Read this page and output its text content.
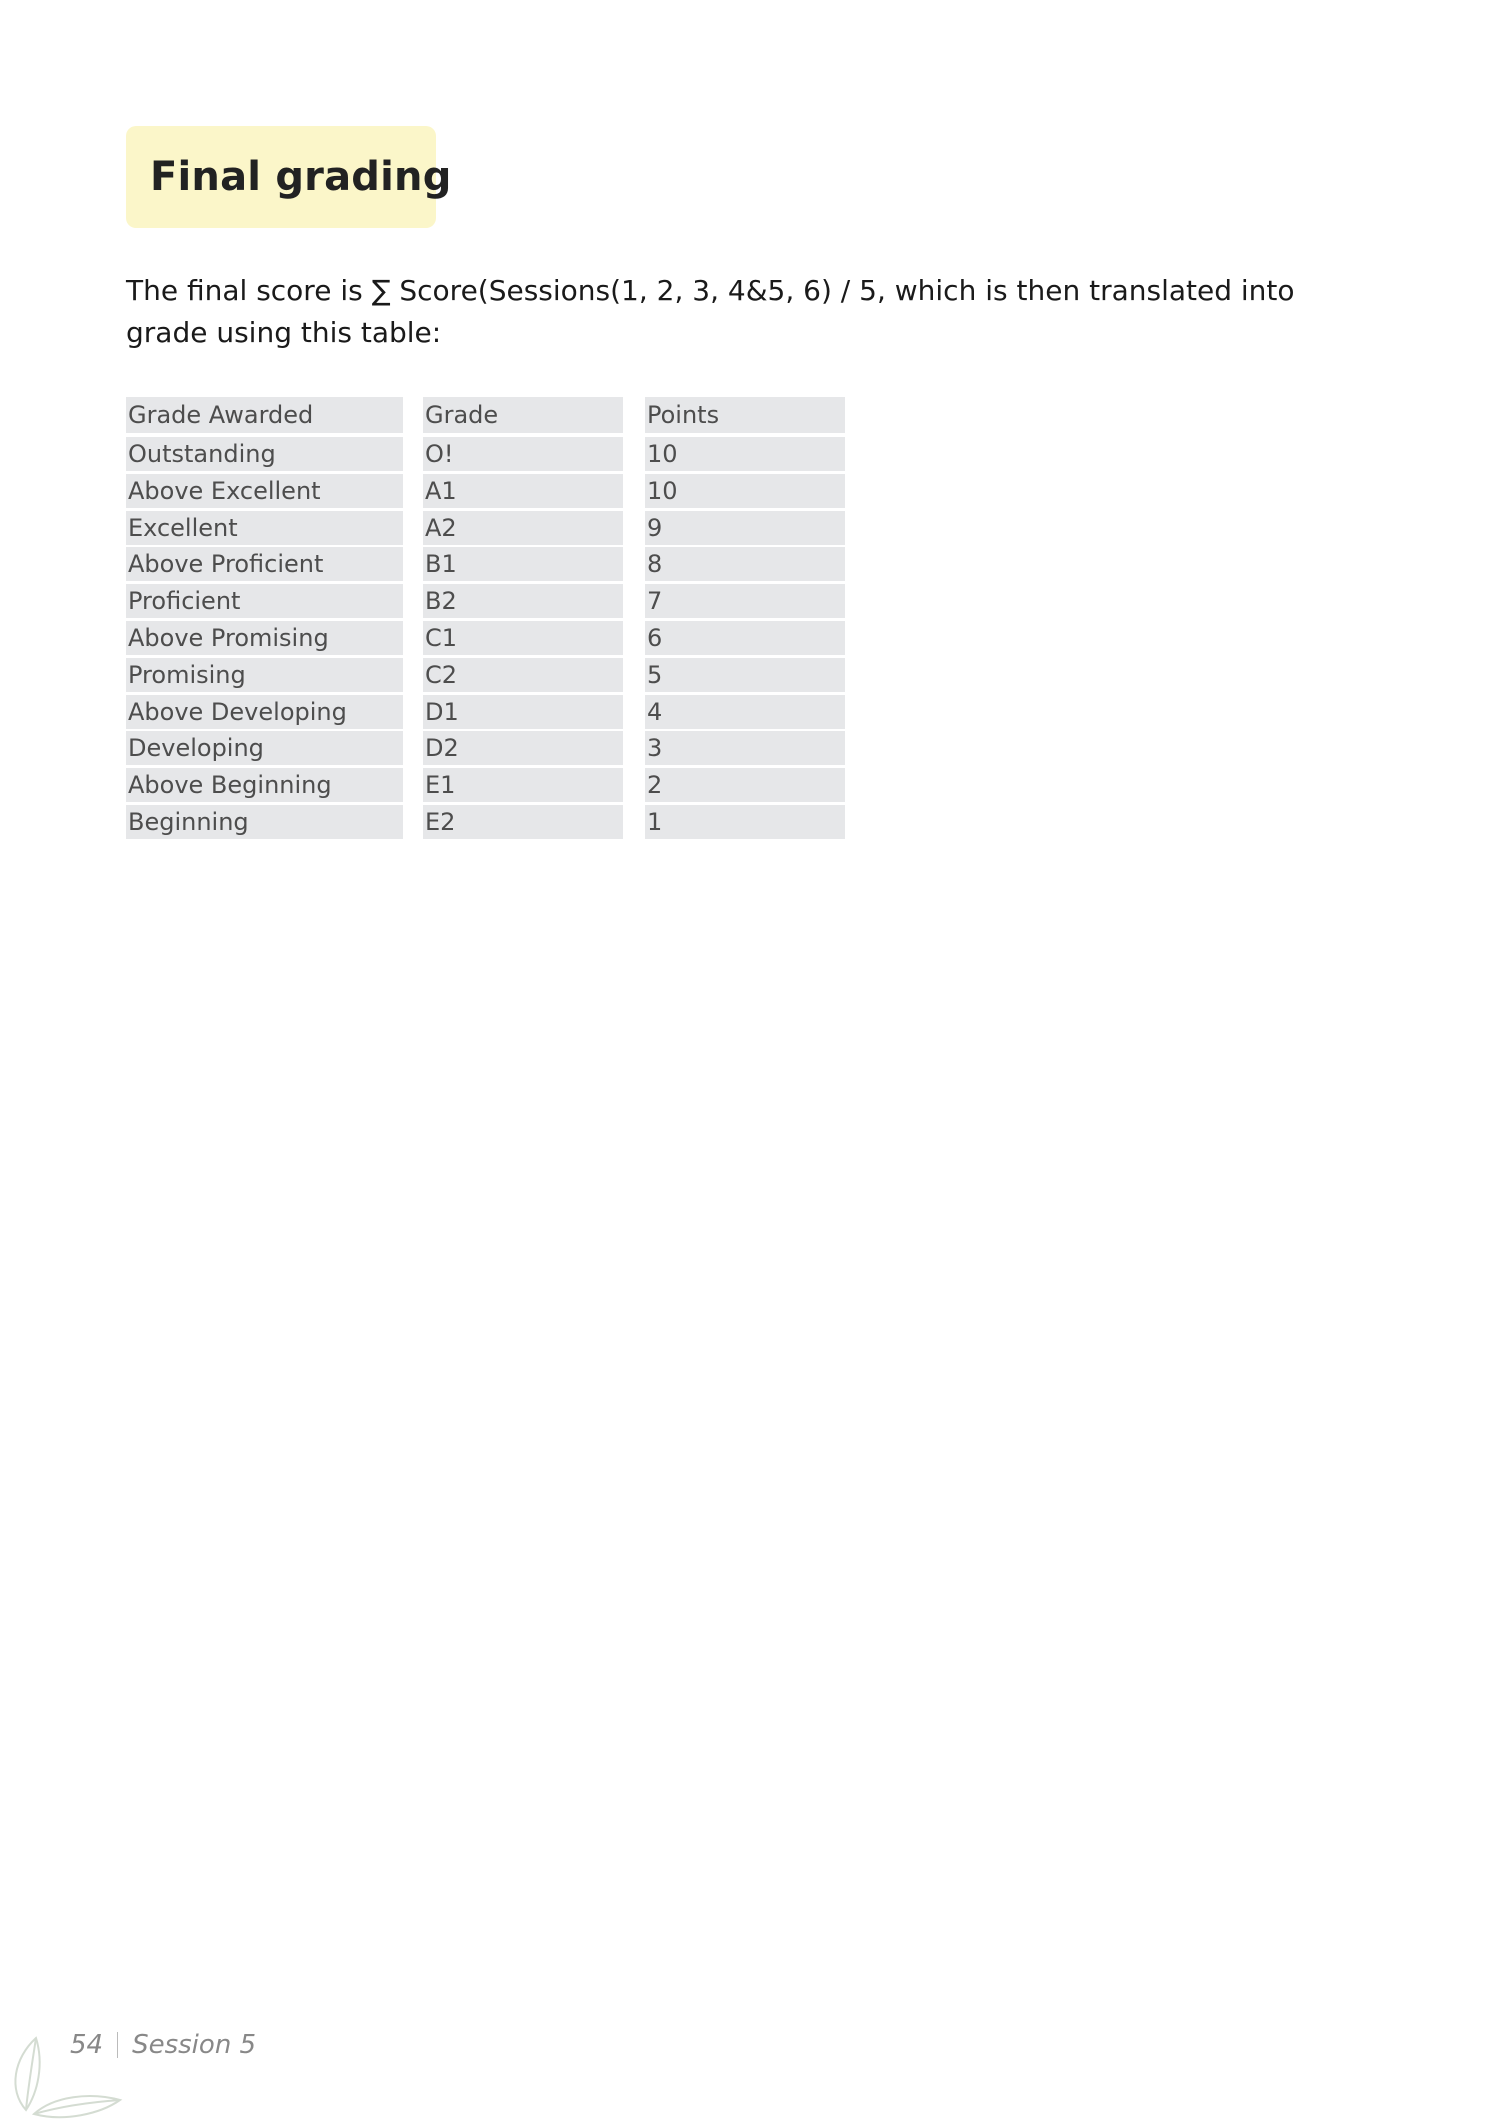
Final grading

The final score is ∑ Score(Sessions(1, 2, 3, 4&5, 6) / 5, which is then translated into grade using this table:

Grade Awarded	Grade	Points
Outstanding	O!	10
Above Excellent	A1	10
Excellent	A2	9
Above Proficient	B1	8
Proficient	B2	7
Above Promising	C1	6
Promising	C2	5
Above Developing	D1	4
Developing	D2	3
Above Beginning	E1	2
Beginning	E2	1
54 Session 5
